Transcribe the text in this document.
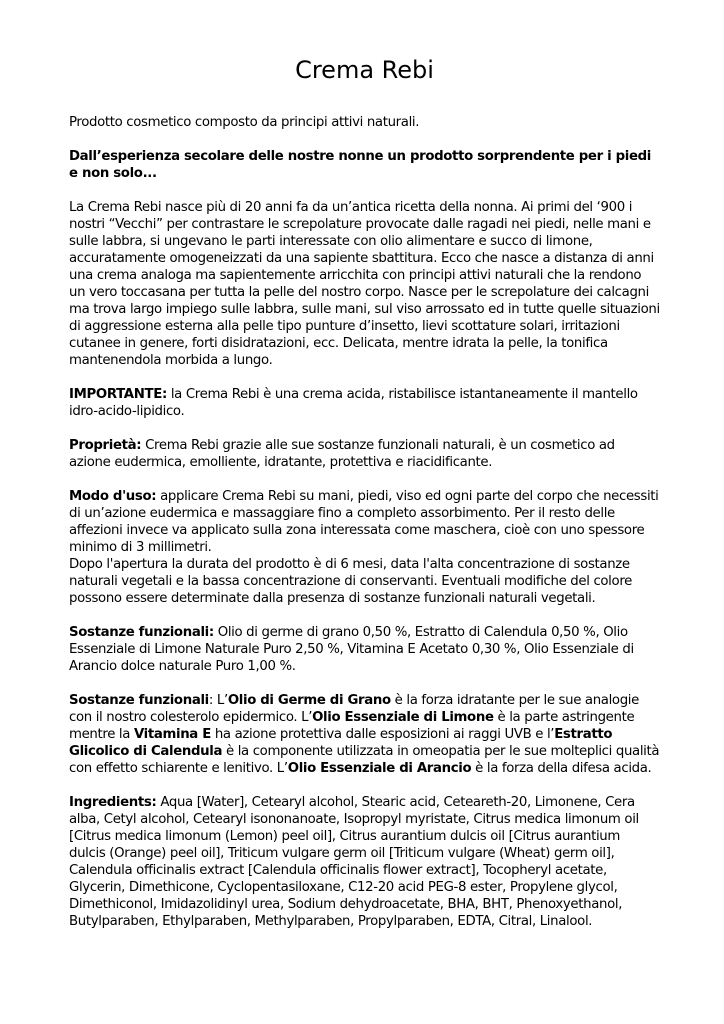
Crema Rebi

Prodotto cosmetico composto da principi attivi naturali.

Dall’esperienza secolare delle nostre nonne un prodotto sorprendente per i piedi e non solo...

La Crema Rebi nasce più di 20 anni fa da un’antica ricetta della nonna. Ai primi del ‘900 i nostri “Vecchi” per contrastare le screpolature provocate dalle ragadi nei piedi, nelle mani e sulle labbra, si ungevano le parti interessate con olio alimentare e succo di limone, accuratamente omogeneizzati da una sapiente sbattitura. Ecco che nasce a distanza di anni una crema analoga ma sapientemente arricchita con principi attivi naturali che la rendono un vero toccasana per tutta la pelle del nostro corpo. Nasce per le screpolature dei calcagni ma trova largo impiego sulle labbra, sulle mani, sul viso arrossato ed in tutte quelle situazioni di aggressione esterna alla pelle tipo punture d’insetto, lievi scottature solari, irritazioni cutanee in genere, forti disidratazioni, ecc. Delicata, mentre idrata la pelle, la tonifica mantenendola morbida a lungo.

IMPORTANTE: la Crema Rebi è una crema acida, ristabilisce istantaneamente il mantello idro-acido-lipidico.

Proprietà: Crema Rebi grazie alle sue sostanze funzionali naturali, è un cosmetico ad azione eudermica, emolliente, idratante, protettiva e riacidificante.

Modo d'uso: applicare Crema Rebi su mani, piedi, viso ed ogni parte del corpo che necessiti di un’azione eudermica e massaggiare fino a completo assorbimento. Per il resto delle affezioni invece va applicato sulla zona interessata come maschera, cioè con uno spessore minimo di 3 millimetri.

Dopo l'apertura la durata del prodotto è di 6 mesi, data l'alta concentrazione di sostanze naturali vegetali e la bassa concentrazione di conservanti. Eventuali modifiche del colore possono essere determinate dalla presenza di sostanze funzionali naturali vegetali.

Sostanze funzionali: Olio di germe di grano 0,50 %, Estratto di Calendula 0,50 %, Olio Essenziale di Limone Naturale Puro 2,50 %, Vitamina E Acetato 0,30 %, Olio Essenziale di Arancio dolce naturale Puro 1,00 %.

Sostanze funzionali: L’Olio di Germe di Grano è la forza idratante per le sue analogie con il nostro colesterolo epidermico. L’Olio Essenziale di Limone è la parte astringente mentre la Vitamina E ha azione protettiva dalle esposizioni ai raggi UVB e l’Estratto Glicolico di Calendula è la componente utilizzata in omeopatia per le sue molteplici qualità con effetto schiarente e lenitivo. L’Olio Essenziale di Arancio è la forza della difesa acida.

Ingredients: Aqua [Water], Cetearyl alcohol, Stearic acid, Ceteareth-20, Limonene, Cera alba, Cetyl alcohol, Cetearyl isononanoate, Isopropyl myristate, Citrus medica limonum oil [Citrus medica limonum (Lemon) peel oil], Citrus aurantium dulcis oil [Citrus aurantium dulcis (Orange) peel oil], Triticum vulgare germ oil [Triticum vulgare (Wheat) germ oil], Calendula officinalis extract [Calendula officinalis flower extract], Tocopheryl acetate, Glycerin, Dimethicone, Cyclopentasiloxane, C12-20 acid PEG-8 ester, Propylene glycol, Dimethiconol, Imidazolidinyl urea, Sodium dehydroacetate, BHA, BHT, Phenoxyethanol, Butylparaben, Ethylparaben, Methylparaben, Propylparaben, EDTA, Citral, Linalool.
